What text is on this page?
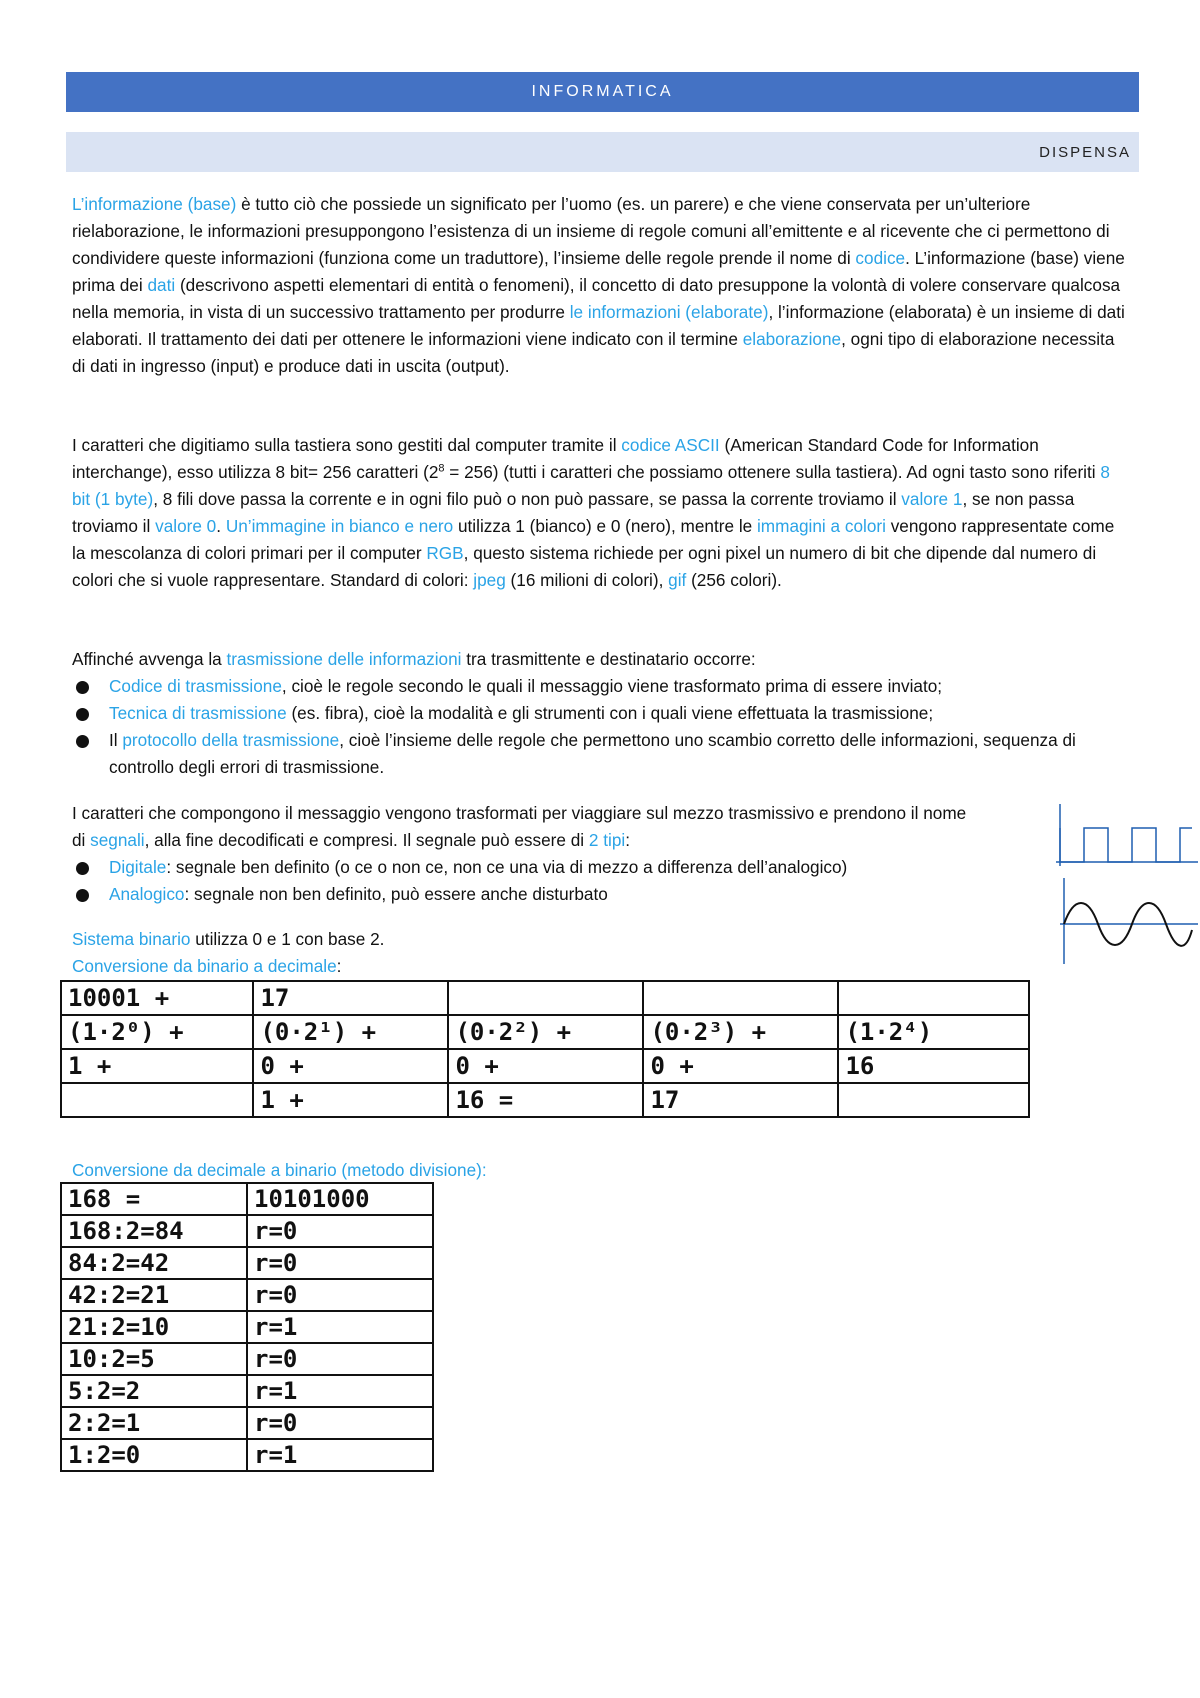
INFORMATICA
DISPENSA

L’informazione (base) è tutto ciò che possiede un significato per l’uomo (es. un parere) e che viene conservata per un’ulteriore rielaborazione, le informazioni presuppongono l’esistenza di un insieme di regole comuni all’emittente e al ricevente che ci permettono di condividere queste informazioni (funziona come un traduttore), l’insieme delle regole prende il nome di codice. L’informazione (base) viene prima dei dati (descrivono aspetti elementari di entità o fenomeni), il concetto di dato presuppone la volontà di volere conservare qualcosa nella memoria, in vista di un successivo trattamento per produrre le informazioni (elaborate), l’informazione (elaborata) è un insieme di dati elaborati. Il trattamento dei dati per ottenere le informazioni viene indicato con il termine elaborazione, ogni tipo di elaborazione necessita di dati in ingresso (input) e produce dati in uscita (output).

I caratteri che digitiamo sulla tastiera sono gestiti dal computer tramite il codice ASCII (American Standard Code for Information interchange), esso utilizza 8 bit= 256 caratteri $(2^8 = 256)$ (tutti i caratteri che possiamo ottenere sulla tastiera). Ad ogni tasto sono riferiti 8 bit (1 byte), 8 fili dove passa la corrente e in ogni filo può o non può passare, se passa la corrente troviamo il valore 1, se non passa troviamo il valore 0. Un’immagine in bianco e nero utilizza 1 (bianco) e 0 (nero), mentre le immagini a colori vengono rappresentate come la mescolanza di colori primari per il computer RGB, questo sistema richiede per ogni pixel un numero di bit che dipende dal numero di colori che si vuole rappresentare. Standard di colori: jpeg (16 milioni di colori), gif (256 colori).

Affinché avvenga la trasmissione delle informazioni tra trasmittente e destinatario occorre:
Codice di trasmissione, cioè le regole secondo le quali il messaggio viene trasformato prima di essere inviato;
Tecnica di trasmissione (es. fibra), cioè la modalità e gli strumenti con i quali viene effettuata la trasmissione;
Il protocollo della trasmissione, cioè l’insieme delle regole che permettono uno scambio corretto delle informazioni, sequenza di controllo degli errori di trasmissione.
I caratteri che compongono il messaggio vengono trasformati per viaggiare sul mezzo trasmissivo e prendono il nome di segnali, alla fine decodificati e compresi. Il segnale può essere di 2 tipi:
Digitale: segnale ben definito (o ce o non ce, non ce una via di mezzo a differenza dell’analogico)
Analogico: segnale non ben definito, può essere anche disturbato
Sistema binario utilizza 0 e 1 con base 2.
Conversione da binario a decimale:
10001 +	17			
(1·2⁰) +	(0·2¹) +	(0·2²) +	(0·2³) +	(1·2⁴)
1 +	0 +	0 +	0 +	16
	1 +	16 =	17	
Conversione da decimale a binario (metodo divisione):
168 =	10101000
168:2=84	r=0
84:2=42	r=0
42:2=21	r=0
21:2=10	r=1
10:2=5	r=0
5:2=2	r=1
2:2=1	r=0
1:2=0	r=1
